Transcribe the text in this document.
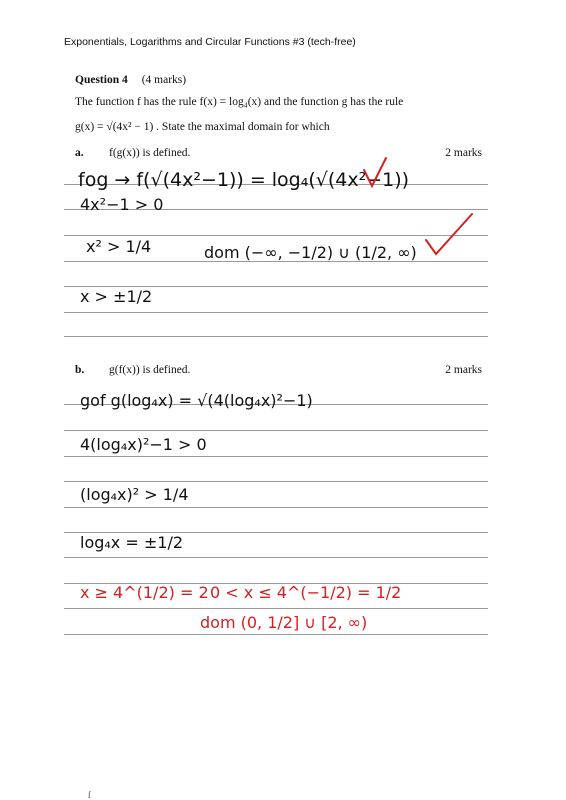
Exponentials, Logarithms and Circular Functions #3 (tech-free)
Question 4 (4 marks)
The function f has the rule f(x) = log₄(x) and the function g has the rule
g(x) = √(4x² − 1) . State the maximal domain for which
a. f(g(x)) is defined.	2 marks
b. g(f(x)) is defined.	2 marks
fog → f(√(4x²−1)) = log₄(√(4x²−1))
4x²−1 > 0
x² > 1/4	dom (−∞, −1/2) ∪ (1/2, ∞)
x > ±1/2
gof g(log₄x) = √(4(log₄x)²−1)
4(log₄x)²−1 > 0
(log₄x)² > 1/4
log₄x = ±1/2
x ≥ 4^(1/2) = 2 0 < x ≤ 4^(−1/2) = 1/2
dom (0, 1/2] ∪ [2, ∞)
ſ
